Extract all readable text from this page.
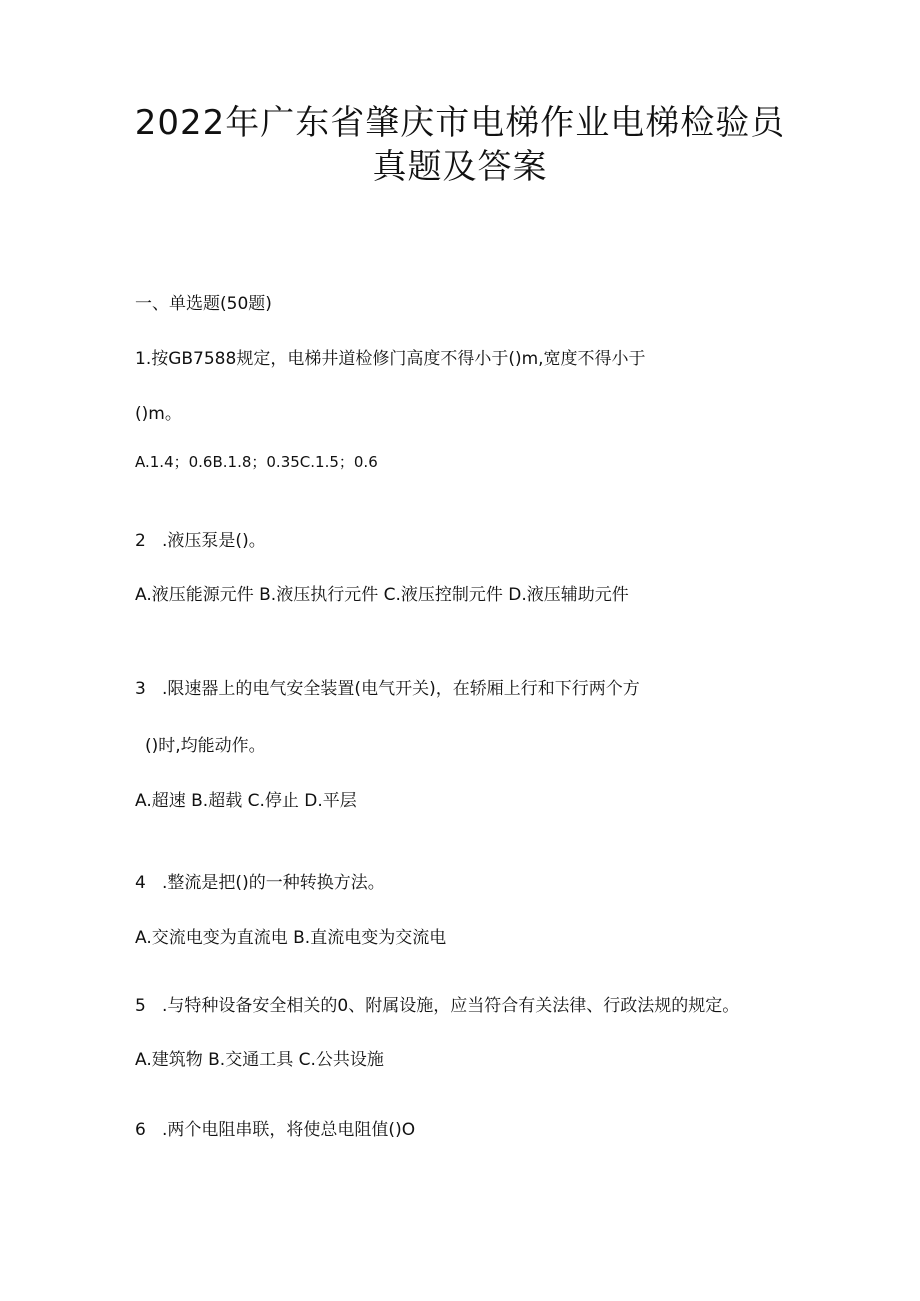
2022年广东省肇庆市电梯作业电梯检验员
真题及答案
一、单选题(50题)
1.按GB7588规定，电梯井道检修门高度不得小于()m,宽度不得小于
()m。
A.1.4；0.6B.1.8；0.35C.1.5；0.6
2   .液压泵是()。
A.液压能源元件 B.液压执行元件 C.液压控制元件 D.液压辅助元件
3   .限速器上的电气安全装置(电气开关)，在轿厢上行和下行两个方
()时,均能动作。
A.超速 B.超载 C.停止 D.平层
4   .整流是把()的一种转换方法。
A.交流电变为直流电 B.直流电变为交流电
5   .与特种设备安全相关的0、附属设施，应当符合有关法律、行政法规的规定。
A.建筑物 B.交通工具 C.公共设施
6   .两个电阻串联，将使总电阻值()O
